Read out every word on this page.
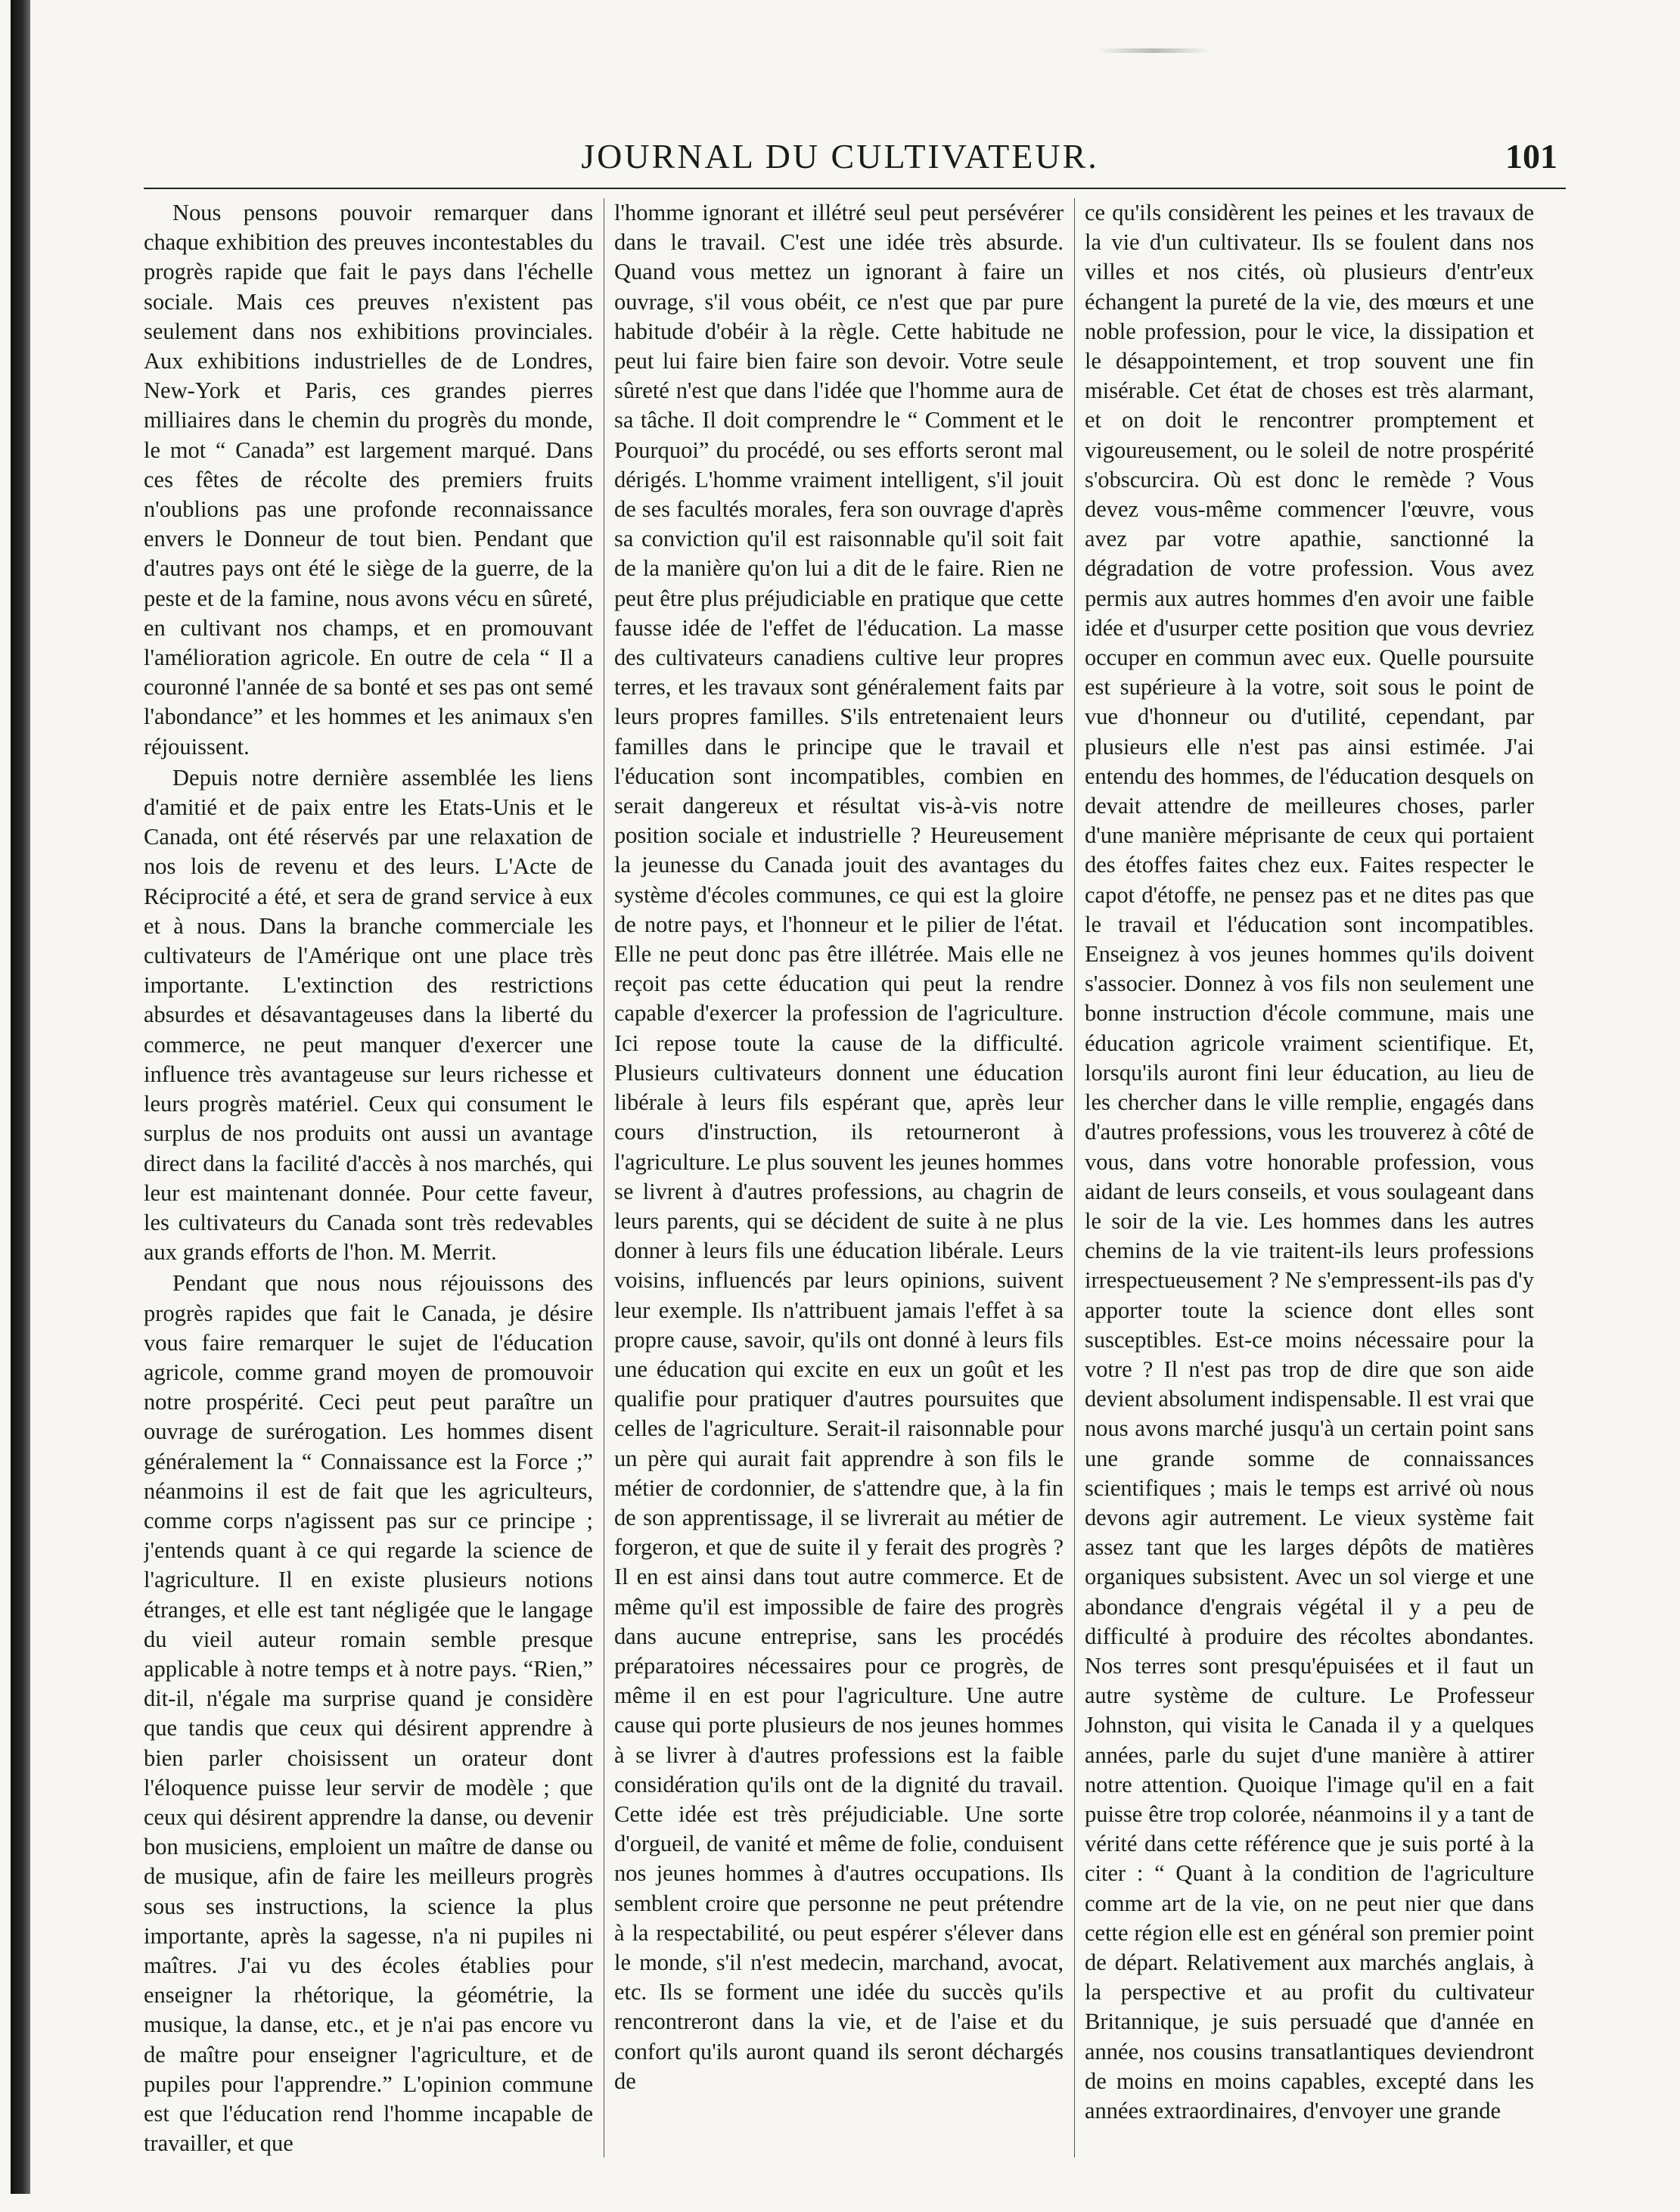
JOURNAL DU CULTIVATEUR.	101

Nous pensons pouvoir remarquer dans chaque exhibition des preuves incontestables du progrès rapide que fait le pays dans l'échelle sociale. Mais ces preuves n'existent pas seulement dans nos exhibitions provinciales. Aux exhibitions industrielles de de Londres, New-York et Paris, ces grandes pierres milliaires dans le chemin du progrès du monde, le mot “ Canada” est largement marqué. Dans ces fêtes de récolte des premiers fruits n'oublions pas une profonde reconnaissance envers le Donneur de tout bien. Pendant que d'autres pays ont été le siège de la guerre, de la peste et de la famine, nous avons vécu en sûreté, en cultivant nos champs, et en promouvant l'amélioration agricole. En outre de cela “ Il a couronné l'année de sa bonté et ses pas ont semé l'abondance” et les hommes et les animaux s'en réjouissent.

Depuis notre dernière assemblée les liens d'amitié et de paix entre les Etats-Unis et le Canada, ont été réservés par une relaxation de nos lois de revenu et des leurs. L'Acte de Réciprocité a été, et sera de grand service à eux et à nous. Dans la branche commerciale les cultivateurs de l'Amérique ont une place très importante. L'extinction des restrictions absurdes et désavantageuses dans la liberté du commerce, ne peut manquer d'exercer une influence très avantageuse sur leurs richesse et leurs progrès matériel. Ceux qui consument le surplus de nos produits ont aussi un avantage direct dans la facilité d'accès à nos marchés, qui leur est maintenant donnée. Pour cette faveur, les cultivateurs du Canada sont très redevables aux grands efforts de l'hon. M. Merrit.

Pendant que nous nous réjouissons des progrès rapides que fait le Canada, je désire vous faire remarquer le sujet de l'éducation agricole, comme grand moyen de promouvoir notre prospérité. Ceci peut peut paraître un ouvrage de surérogation. Les hommes disent généralement la “ Connaissance est la Force ;” néanmoins il est de fait que les agriculteurs, comme corps n'agissent pas sur ce principe ; j'entends quant à ce qui regarde la science de l'agriculture. Il en existe plusieurs notions étranges, et elle est tant négligée que le langage du vieil auteur romain semble presque applicable à notre temps et à notre pays. “Rien,” dit-il, n'égale ma surprise quand je considère que tandis que ceux qui désirent apprendre à bien parler choisissent un orateur dont l'éloquence puisse leur servir de modèle ; que ceux qui désirent apprendre la danse, ou devenir bon musiciens, emploient un maître de danse ou de musique, afin de faire les meilleurs progrès sous ses instructions, la science la plus importante, après la sagesse, n'a ni pupiles ni maîtres. J'ai vu des écoles établies pour enseigner la rhétorique, la géométrie, la musique, la danse, etc., et je n'ai pas encore vu de maître pour enseigner l'agriculture, et de pupiles pour l'apprendre.” L'opinion commune est que l'éducation rend l'homme incapable de travailler, et que

l'homme ignorant et illétré seul peut persévérer dans le travail. C'est une idée très absurde. Quand vous mettez un ignorant à faire un ouvrage, s'il vous obéit, ce n'est que par pure habitude d'obéir à la règle. Cette habitude ne peut lui faire bien faire son devoir. Votre seule sûreté n'est que dans l'idée que l'homme aura de sa tâche. Il doit comprendre le “ Comment et le Pourquoi” du procédé, ou ses efforts seront mal dérigés. L'homme vraiment intelligent, s'il jouit de ses facultés morales, fera son ouvrage d'après sa conviction qu'il est raisonnable qu'il soit fait de la manière qu'on lui a dit de le faire. Rien ne peut être plus préjudiciable en pratique que cette fausse idée de l'effet de l'éducation. La masse des cultivateurs canadiens cultive leur propres terres, et les travaux sont généralement faits par leurs propres familles. S'ils entretenaient leurs familles dans le principe que le travail et l'éducation sont incompatibles, combien en serait dangereux et résultat vis-à-vis notre position sociale et industrielle ? Heureusement la jeunesse du Canada jouit des avantages du système d'écoles communes, ce qui est la gloire de notre pays, et l'honneur et le pilier de l'état. Elle ne peut donc pas être illétrée. Mais elle ne reçoit pas cette éducation qui peut la rendre capable d'exercer la profession de l'agriculture. Ici repose toute la cause de la difficulté. Plusieurs cultivateurs donnent une éducation libérale à leurs fils espérant que, après leur cours d'instruction, ils retourneront à l'agriculture. Le plus souvent les jeunes hommes se livrent à d'autres professions, au chagrin de leurs parents, qui se décident de suite à ne plus donner à leurs fils une éducation libérale. Leurs voisins, influencés par leurs opinions, suivent leur exemple. Ils n'attribuent jamais l'effet à sa propre cause, savoir, qu'ils ont donné à leurs fils une éducation qui excite en eux un goût et les qualifie pour pratiquer d'autres poursuites que celles de l'agriculture. Serait-il raisonnable pour un père qui aurait fait apprendre à son fils le métier de cordonnier, de s'attendre que, à la fin de son apprentissage, il se livrerait au métier de forgeron, et que de suite il y ferait des progrès ? Il en est ainsi dans tout autre commerce. Et de même qu'il est impossible de faire des progrès dans aucune entreprise, sans les procédés préparatoires nécessaires pour ce progrès, de même il en est pour l'agriculture. Une autre cause qui porte plusieurs de nos jeunes hommes à se livrer à d'autres professions est la faible considération qu'ils ont de la dignité du travail. Cette idée est très préjudiciable. Une sorte d'orgueil, de vanité et même de folie, conduisent nos jeunes hommes à d'autres occupations. Ils semblent croire que personne ne peut prétendre à la respectabilité, ou peut espérer s'élever dans le monde, s'il n'est medecin, marchand, avocat, etc. Ils se forment une idée du succès qu'ils rencontreront dans la vie, et de l'aise et du confort qu'ils auront quand ils seront déchargés de

ce qu'ils considèrent les peines et les travaux de la vie d'un cultivateur. Ils se foulent dans nos villes et nos cités, où plusieurs d'entr'eux échangent la pureté de la vie, des mœurs et une noble profession, pour le vice, la dissipation et le désappointement, et trop souvent une fin misérable. Cet état de choses est très alarmant, et on doit le rencontrer promptement et vigoureusement, ou le soleil de notre prospérité s'obscurcira. Où est donc le remède ? Vous devez vous-même commencer l'œuvre, vous avez par votre apathie, sanctionné la dégradation de votre profession. Vous avez permis aux autres hommes d'en avoir une faible idée et d'usurper cette position que vous devriez occuper en commun avec eux. Quelle poursuite est supérieure à la votre, soit sous le point de vue d'honneur ou d'utilité, cependant, par plusieurs elle n'est pas ainsi estimée. J'ai entendu des hommes, de l'éducation desquels on devait attendre de meilleures choses, parler d'une manière méprisante de ceux qui portaient des étoffes faites chez eux. Faites respecter le capot d'étoffe, ne pensez pas et ne dites pas que le travail et l'éducation sont incompatibles. Enseignez à vos jeunes hommes qu'ils doivent s'associer. Donnez à vos fils non seulement une bonne instruction d'école commune, mais une éducation agricole vraiment scientifique. Et, lorsqu'ils auront fini leur éducation, au lieu de les chercher dans le ville remplie, engagés dans d'autres professions, vous les trouverez à côté de vous, dans votre honorable profession, vous aidant de leurs conseils, et vous soulageant dans le soir de la vie. Les hommes dans les autres chemins de la vie traitent-ils leurs professions irrespectueusement ? Ne s'empressent-ils pas d'y apporter toute la science dont elles sont susceptibles. Est-ce moins nécessaire pour la votre ? Il n'est pas trop de dire que son aide devient absolument indispensable. Il est vrai que nous avons marché jusqu'à un certain point sans une grande somme de connaissances scientifiques ; mais le temps est arrivé où nous devons agir autrement. Le vieux système fait assez tant que les larges dépôts de matières organiques subsistent. Avec un sol vierge et une abondance d'engrais végétal il y a peu de difficulté à produire des récoltes abondantes. Nos terres sont presqu'épuisées et il faut un autre système de culture. Le Professeur Johnston, qui visita le Canada il y a quelques années, parle du sujet d'une manière à attirer notre attention. Quoique l'image qu'il en a fait puisse être trop colorée, néanmoins il y a tant de vérité dans cette référence que je suis porté à la citer : “ Quant à la condition de l'agriculture comme art de la vie, on ne peut nier que dans cette région elle est en général son premier point de départ. Relativement aux marchés anglais, à la perspective et au profit du cultivateur Britannique, je suis persuadé que d'année en année, nos cousins transatlantiques deviendront de moins en moins capables, excepté dans les années extraordinaires, d'envoyer une grande
